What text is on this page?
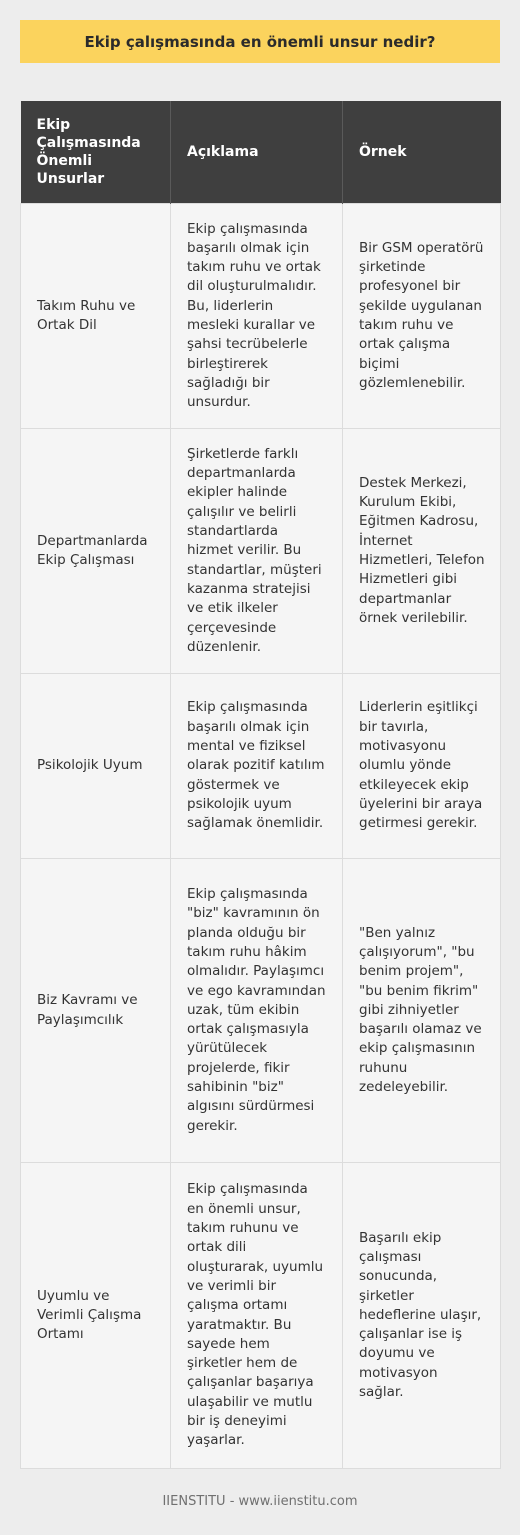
Ekip çalışmasında en önemli unsur nedir?
Ekip Çalışmasında Önemli Unsurlar	Açıklama	Örnek
Takım Ruhu ve Ortak Dil	Ekip çalışmasında başarılı olmak için takım ruhu ve ortak dil oluşturulmalıdır. Bu, liderlerin mesleki kurallar ve şahsi tecrübelerle birleştirerek sağladığı bir unsurdur.	Bir GSM operatörü şirketinde profesyonel bir şekilde uygulanan takım ruhu ve ortak çalışma biçimi gözlemlenebilir.
Departmanlarda Ekip Çalışması	Şirketlerde farklı departmanlarda ekipler halinde çalışılır ve belirli standartlarda hizmet verilir. Bu standartlar, müşteri kazanma stratejisi ve etik ilkeler çerçevesinde düzenlenir.	Destek Merkezi, Kurulum Ekibi, Eğitmen Kadrosu, İnternet Hizmetleri, Telefon Hizmetleri gibi departmanlar örnek verilebilir.
Psikolojik Uyum	Ekip çalışmasında başarılı olmak için mental ve fiziksel olarak pozitif katılım göstermek ve psikolojik uyum sağlamak önemlidir.	Liderlerin eşitlikçi bir tavırla, motivasyonu olumlu yönde etkileyecek ekip üyelerini bir araya getirmesi gerekir.
Biz Kavramı ve Paylaşımcılık	Ekip çalışmasında "biz" kavramının ön planda olduğu bir takım ruhu hâkim olmalıdır. Paylaşımcı ve ego kavramından uzak, tüm ekibin ortak çalışmasıyla yürütülecek projelerde, fikir sahibinin "biz" algısını sürdürmesi gerekir.	"Ben yalnız çalışıyorum", "bu benim projem", "bu benim fikrim" gibi zihniyetler başarılı olamaz ve ekip çalışmasının ruhunu zedeleyebilir.
Uyumlu ve Verimli Çalışma Ortamı	Ekip çalışmasında en önemli unsur, takım ruhunu ve ortak dili oluşturarak, uyumlu ve verimli bir çalışma ortamı yaratmaktır. Bu sayede hem şirketler hem de çalışanlar başarıya ulaşabilir ve mutlu bir iş deneyimi yaşarlar.	Başarılı ekip çalışması sonucunda, şirketler hedeflerine ulaşır, çalışanlar ise iş doyumu ve motivasyon sağlar.
IIENSTITU - www.iienstitu.com
